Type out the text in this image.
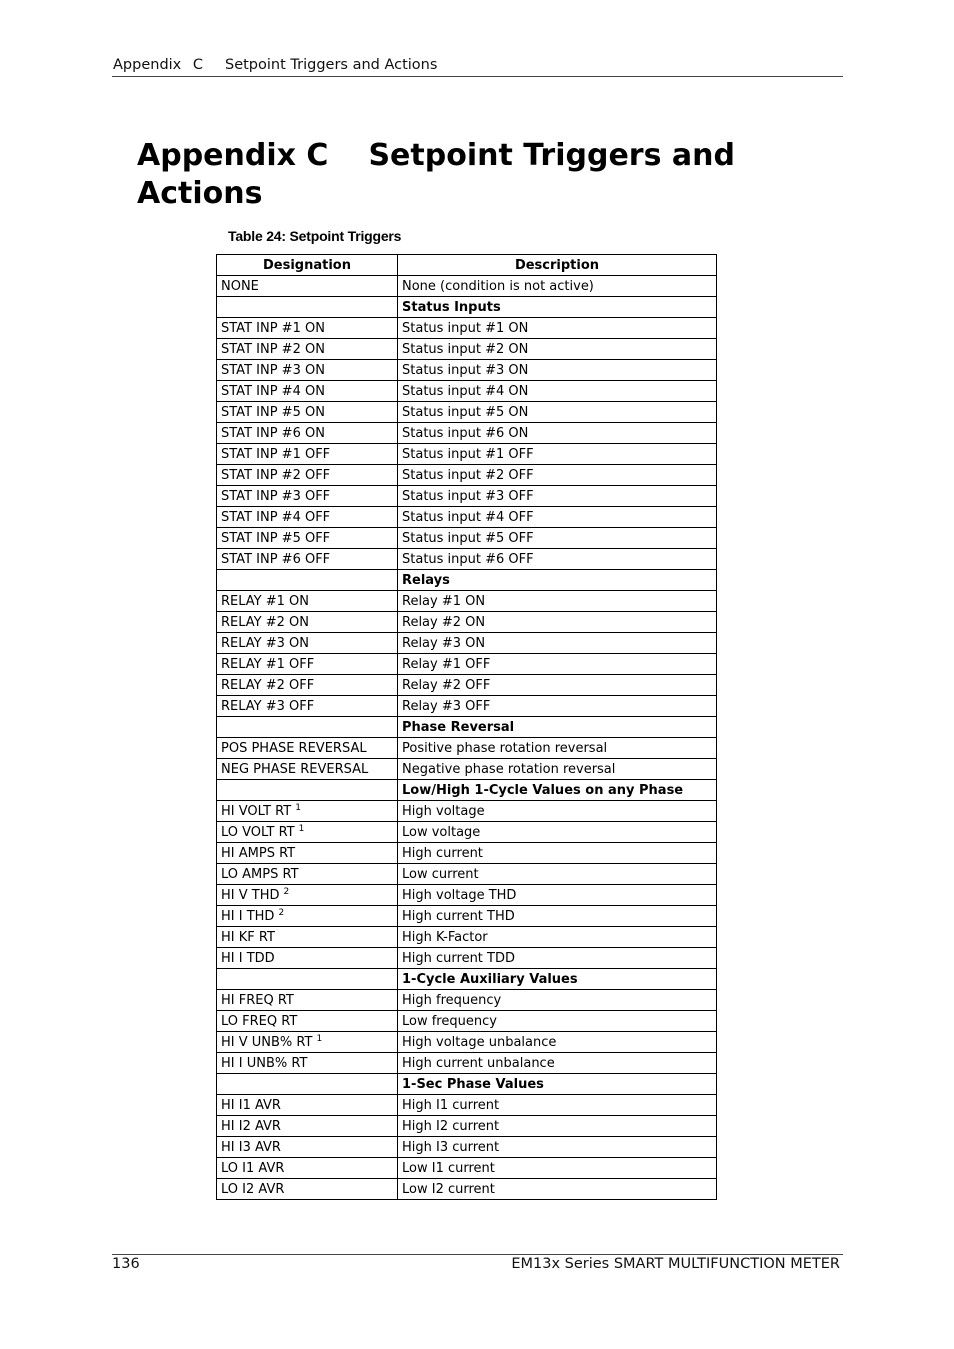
Appendix C Setpoint Triggers and Actions
Appendix C Setpoint Triggers and Actions

Table 24: Setpoint Triggers

Designation	Description
NONE	None (condition is not active)
	Status Inputs
STAT INP #1 ON	Status input #1 ON
STAT INP #2 ON	Status input #2 ON
STAT INP #3 ON	Status input #3 ON
STAT INP #4 ON	Status input #4 ON
STAT INP #5 ON	Status input #5 ON
STAT INP #6 ON	Status input #6 ON
STAT INP #1 OFF	Status input #1 OFF
STAT INP #2 OFF	Status input #2 OFF
STAT INP #3 OFF	Status input #3 OFF
STAT INP #4 OFF	Status input #4 OFF
STAT INP #5 OFF	Status input #5 OFF
STAT INP #6 OFF	Status input #6 OFF
	Relays
RELAY #1 ON	Relay #1 ON
RELAY #2 ON	Relay #2 ON
RELAY #3 ON	Relay #3 ON
RELAY #1 OFF	Relay #1 OFF
RELAY #2 OFF	Relay #2 OFF
RELAY #3 OFF	Relay #3 OFF
	Phase Reversal
POS PHASE REVERSAL	Positive phase rotation reversal
NEG PHASE REVERSAL	Negative phase rotation reversal
	Low/High 1-Cycle Values on any Phase
HI VOLT RT $^1$	High voltage
LO VOLT RT $^1$	Low voltage
HI AMPS RT	High current
LO AMPS RT	Low current
HI V THD $^2$	High voltage THD
HI I THD $^2$	High current THD
HI KF RT	High K-Factor
HI I TDD	High current TDD
	1-Cycle Auxiliary Values
HI FREQ RT	High frequency
LO FREQ RT	Low frequency
HI V UNB% RT $^1$	High voltage unbalance
HI I UNB% RT	High current unbalance
	1-Sec Phase Values
HI I1 AVR	High I1 current
HI I2 AVR	High I2 current
HI I3 AVR	High I3 current
LO I1 AVR	Low I1 current
LO I2 AVR	Low I2 current
136	EM13x Series SMART MULTIFUNCTION METER
